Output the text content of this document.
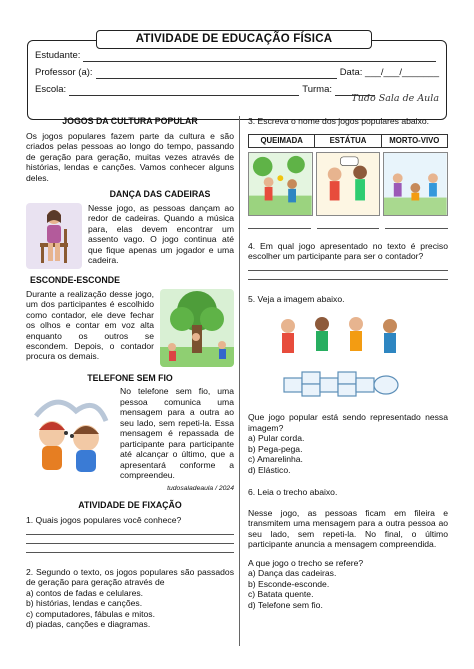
ATIVIDADE DE EDUCAÇÃO FÍSICA
Estudante:
Professor (a):	Data: ___/___/_______
Escola:	Turma:
Tudo Sala de Aula
JOGOS DA CULTURA POPULAR

Os jogos populares fazem parte da cultura e são criados pelas pessoas ao longo do tempo, passando de geração para geração, muitas vezes através de histórias, lendas e canções. Vamos conhecer alguns deles.

DANÇA DAS CADEIRAS

Nesse jogo, as pessoas dançam ao redor de cadeiras. Quando a música para, elas devem encontrar um assento vago. O jogo continua até que fique apenas um jogador e uma cadeira.

ESCONDE-ESCONDE

Durante a realização desse jogo, um dos participantes é escolhido como contador, ele deve fechar os olhos e contar em voz alta enquanto os outros se escondem. Depois, o contador procura os demais.

TELEFONE SEM FIO

No telefone sem fio, uma pessoa comunica uma mensagem para a outra ao seu lado, sem repeti-la. Essa mensagem é repassada de participante para participante até alcançar o último, que a apresentará conforme a compreendeu.

tudosaladeaula / 2024
ATIVIDADE DE FIXAÇÃO

1. Quais jogos populares você conhece?

2. Segundo o texto, os jogos populares são passados de geração para geração através de

a) contos de fadas e celulares.
b) histórias, lendas e canções.
c) computadores, fábulas e mitos.
d) piadas, canções e diagramas.

3. Escreva o nome dos jogos populares abaixo.

QUEIMADA	ESTÁTUA	MORTO-VIVO

4. Em qual jogo apresentado no texto é preciso escolher um participante para ser o contador?

5. Veja a imagem abaixo.

Que jogo popular está sendo representado nessa imagem?

a) Pular corda.
b) Pega-pega.
c) Amarelinha.
d) Elástico.

6. Leia o trecho abaixo.

Nesse jogo, as pessoas ficam em fileira e transmitem uma mensagem para a outra pessoa ao seu lado, sem repeti-la. No final, o último participante anuncia a mensagem compreendida.

A que jogo o trecho se refere?

a) Dança das cadeiras.
b) Esconde-esconde.
c) Batata quente.
d) Telefone sem fio.
